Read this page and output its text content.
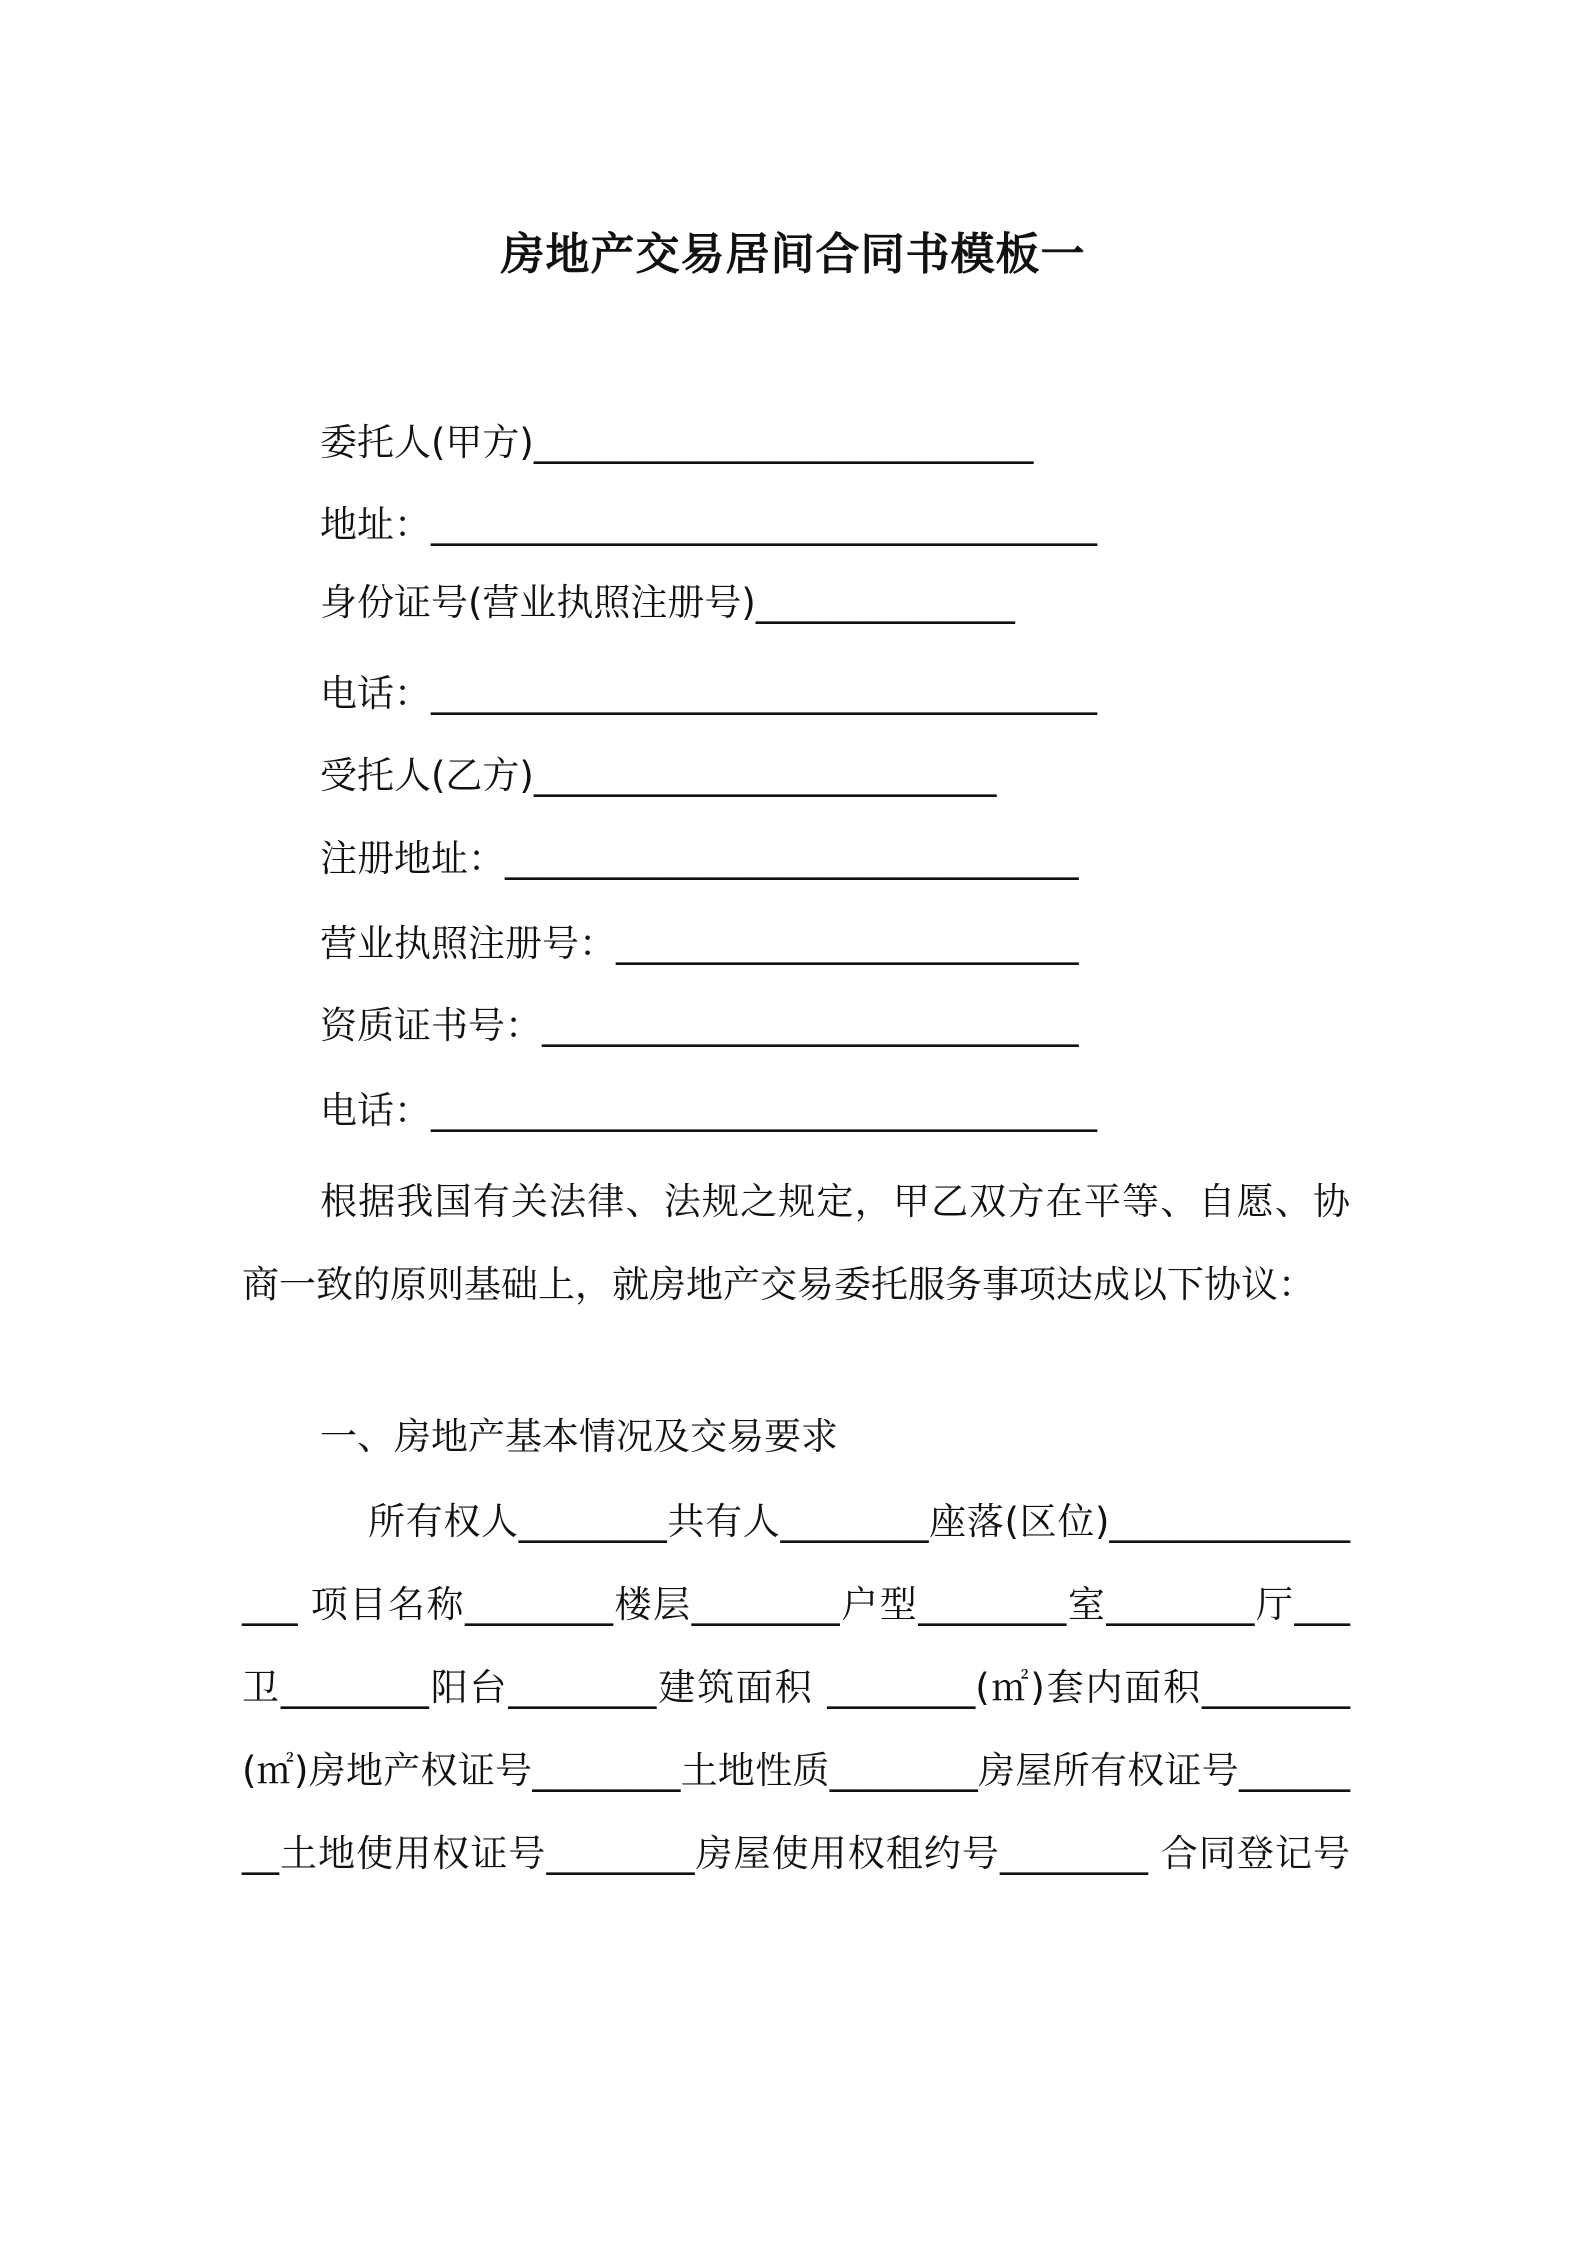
房地产交易居间合同书模板一
委托人(甲方)___________________________
地址：____________________________________
身份证号(营业执照注册号)______________
电话：____________________________________
受托人(乙方)_________________________
注册地址：_______________________________
营业执照注册号：_________________________
资质证书号：_____________________________
电话：____________________________________
根据我国有关法律、法规之规定，甲乙双方在平等、自愿、协商一致的原则基础上，就房地产交易委托服务事项达成以下协议：
一、房地产基本情况及交易要求
所有权人________共有人________座落(区位)________________ 项目名称________楼层________户型________室________厅___卫________阳台________建筑面积 ________(㎡)套内面积________(㎡)房地产权证号________土地性质________房屋所有权证号________土地使用权证号________房屋使用权租约号________ 合同登记号
